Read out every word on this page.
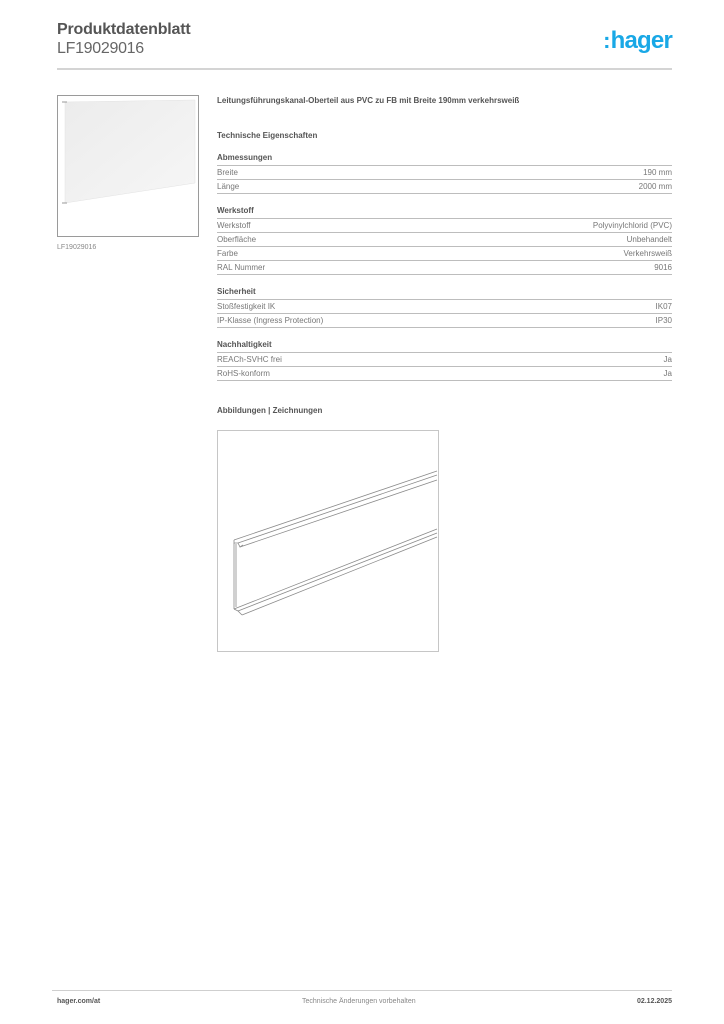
Produktdatenblatt
LF19029016	:hager
LF19029016
Leitungsführungskanal-Oberteil aus PVC zu FB mit Breite 190mm verkehrsweiß
Technische Eigenschaften
Abmessungen
Breite	190 mm
Länge	2000 mm
Werkstoff
Werkstoff	Polyvinylchlorid (PVC)
Oberfläche	Unbehandelt
Farbe	Verkehrsweiß
RAL Nummer	9016
Sicherheit
Stoßfestigkeit IK	IK07
IP-Klasse (Ingress Protection)	IP30
Nachhaltigkeit
REACh-SVHC frei	Ja
RoHS-konform	Ja
Abbildungen | Zeichnungen
hager.com/at	Technische Änderungen vorbehalten	02.12.2025
